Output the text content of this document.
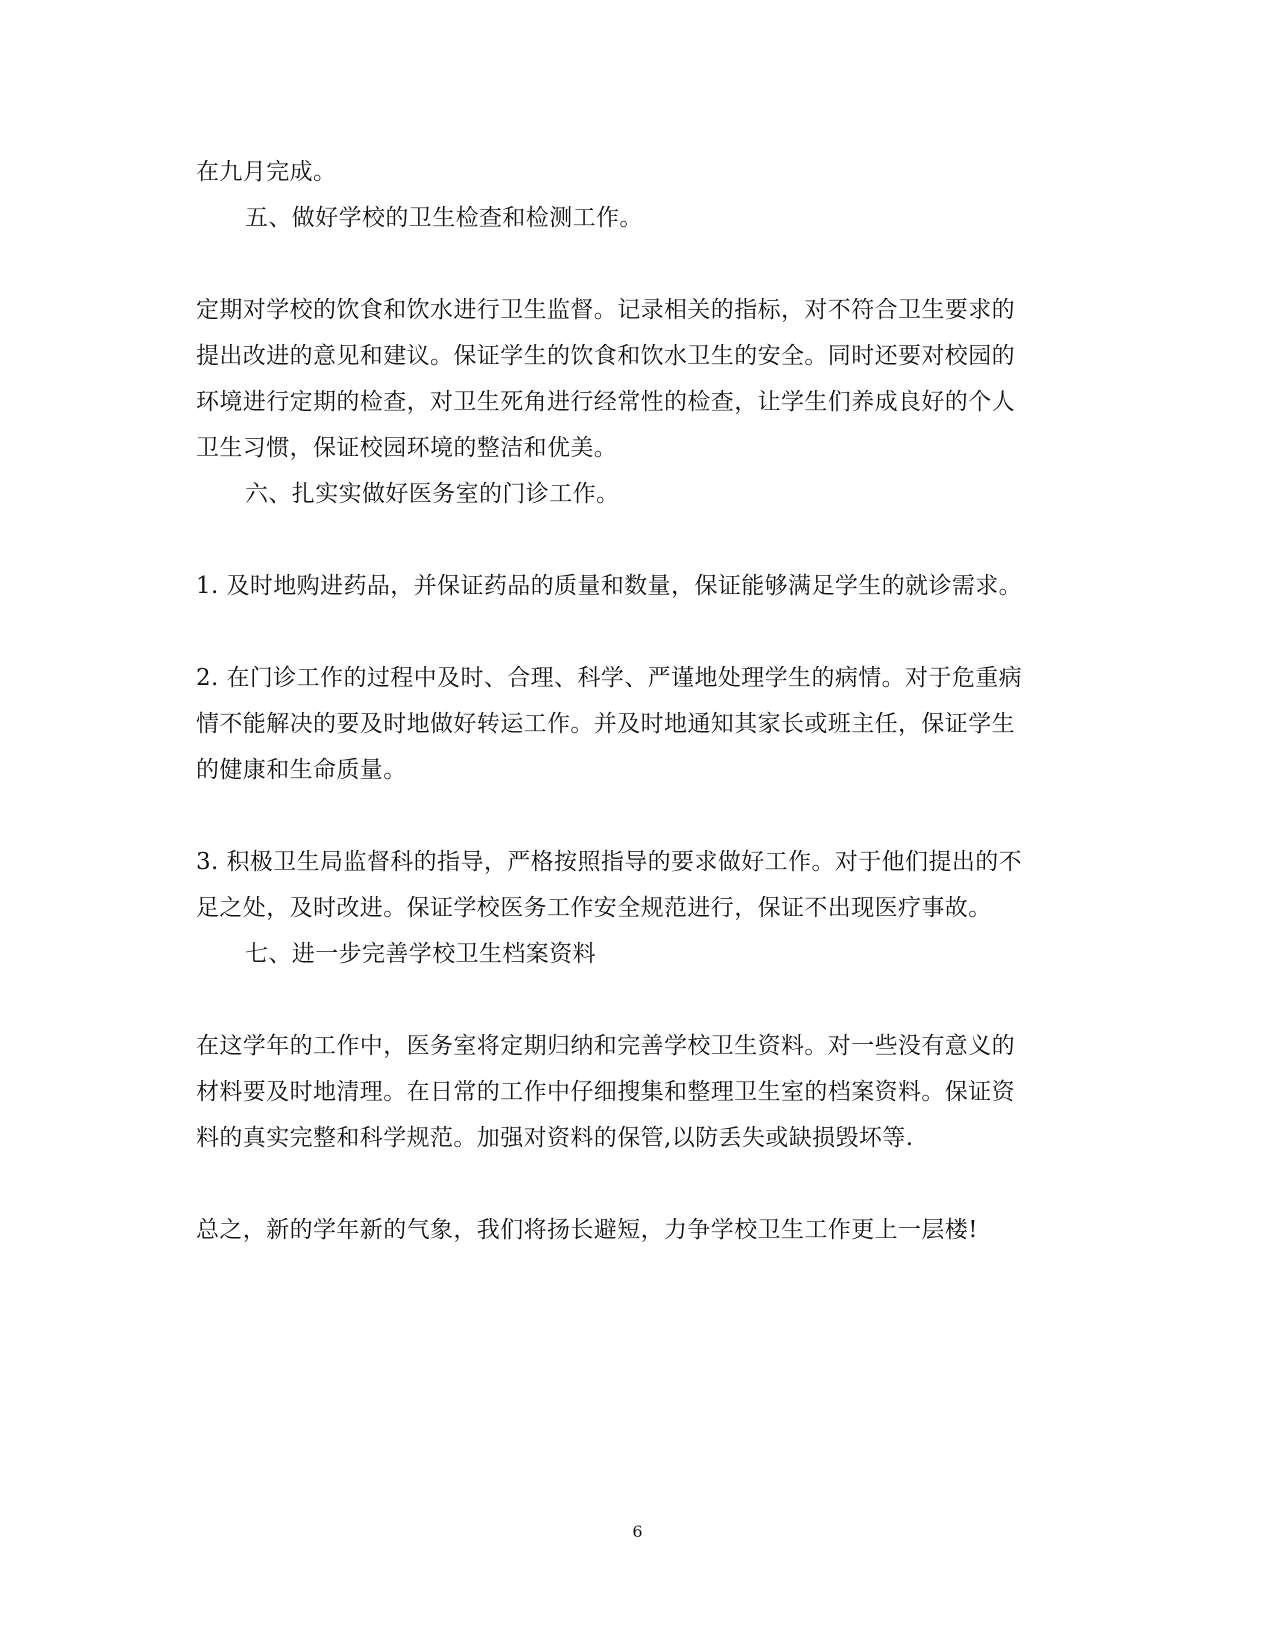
在九月完成。
五、做好学校的卫生检查和检测工作。
定期对学校的饮食和饮水进行卫生监督。记录相关的指标，对不符合卫生要求的
提出改进的意见和建议。保证学生的饮食和饮水卫生的安全。同时还要对校园的
环境进行定期的检查，对卫生死角进行经常性的检查，让学生们养成良好的个人
卫生习惯，保证校园环境的整洁和优美。
六、扎实实做好医务室的门诊工作。
1. 及时地购进药品，并保证药品的质量和数量，保证能够满足学生的就诊需求。
2. 在门诊工作的过程中及时、合理、科学、严谨地处理学生的病情。对于危重病
情不能解决的要及时地做好转运工作。并及时地通知其家长或班主任，保证学生
的健康和生命质量。
3. 积极卫生局监督科的指导，严格按照指导的要求做好工作。对于他们提出的不
足之处，及时改进。保证学校医务工作安全规范进行，保证不出现医疗事故。
七、进一步完善学校卫生档案资料
在这学年的工作中，医务室将定期归纳和完善学校卫生资料。对一些没有意义的
材料要及时地清理。在日常的工作中仔细搜集和整理卫生室的档案资料。保证资
料的真实完整和科学规范。加强对资料的保管,以防丢失或缺损毁坏等.
总之，新的学年新的气象，我们将扬长避短，力争学校卫生工作更上一层楼!
6
